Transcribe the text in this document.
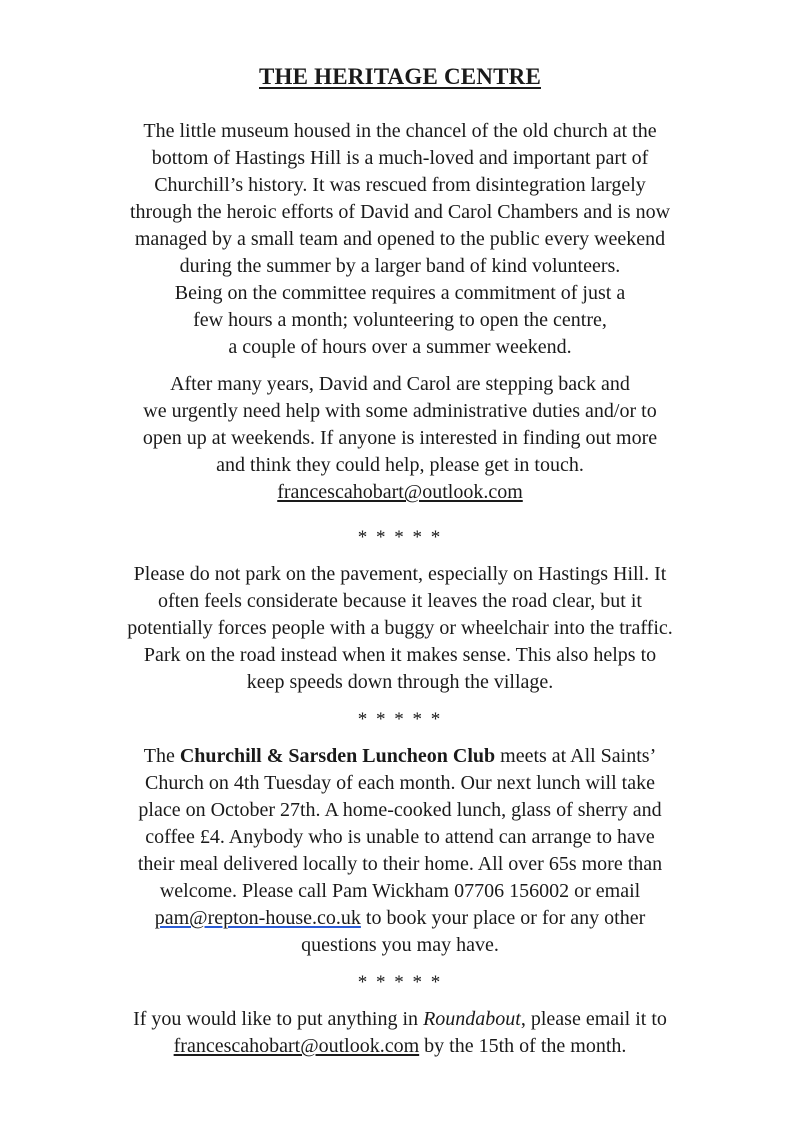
THE HERITAGE CENTRE
The little museum housed in the chancel of the old church at the
bottom of Hastings Hill is a much-loved and important part of
Churchill’s history. It was rescued from disintegration largely
through the heroic efforts of David and Carol Chambers and is now
managed by a small team and opened to the public every weekend
during the summer by a larger band of kind volunteers.
Being on the committee requires a commitment of just a
few hours a month; volunteering to open the centre,
a couple of hours over a summer weekend.
After many years, David and Carol are stepping back and
we urgently need help with some administrative duties and/or to
open up at weekends. If anyone is interested in finding out more
and think they could help, please get in touch.
francescahobart@outlook.com
* * * * *
Please do not park on the pavement, especially on Hastings Hill. It
often feels considerate because it leaves the road clear, but it
potentially forces people with a buggy or wheelchair into the traffic.
Park on the road instead when it makes sense. This also helps to
keep speeds down through the village.
* * * * *
The Churchill & Sarsden Luncheon Club meets at All Saints’
Church on 4th Tuesday of each month. Our next lunch will take
place on October 27th. A home-cooked lunch, glass of sherry and
coffee £4. Anybody who is unable to attend can arrange to have
their meal delivered locally to their home. All over 65s more than
welcome. Please call Pam Wickham 07706 156002 or email
pam@repton-house.co.uk to book your place or for any other
questions you may have.
* * * * *
If you would like to put anything in Roundabout, please email it to
francescahobart@outlook.com by the 15th of the month.
